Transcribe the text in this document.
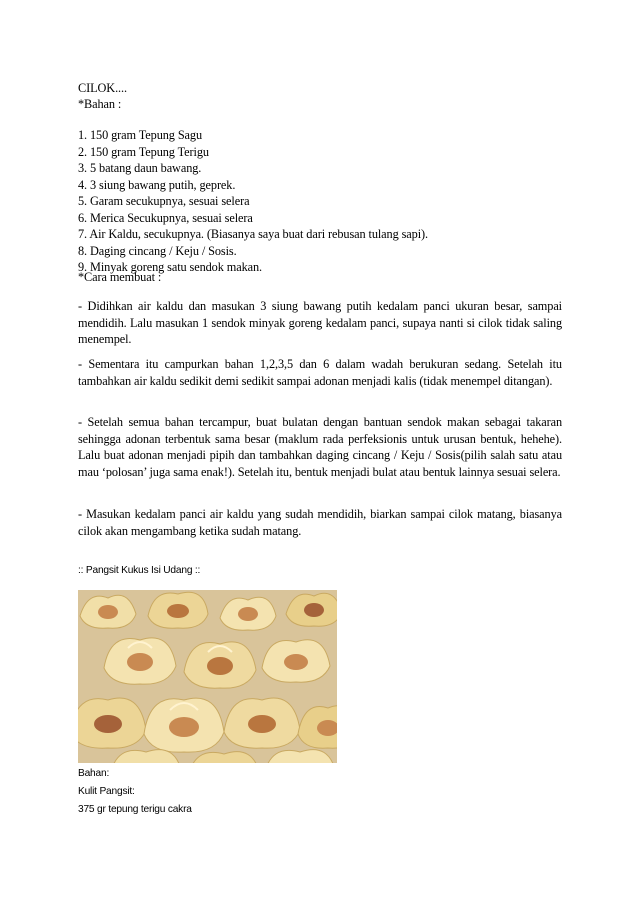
CILOK....

*Bahan :

1. 150 gram Tepung Sagu
2. 150 gram Tepung Terigu
3. 5 batang daun bawang.
4. 3 siung bawang putih, geprek.
5. Garam secukupnya, sesuai selera
6. Merica Secukupnya, sesuai selera
7. Air Kaldu, secukupnya. (Biasanya saya buat dari rebusan tulang sapi).
8. Daging cincang / Keju / Sosis.
9. Minyak goreng satu sendok makan.

*Cara membuat :

- Didihkan air kaldu dan masukan 3 siung bawang putih kedalam panci ukuran besar, sampai mendidih. Lalu masukan 1 sendok minyak goreng kedalam panci, supaya nanti si cilok tidak saling menempel.

- Sementara itu campurkan bahan 1,2,3,5 dan 6 dalam wadah berukuran sedang. Setelah itu tambahkan air kaldu sedikit demi sedikit sampai adonan menjadi kalis (tidak menempel ditangan).

- Setelah semua bahan tercampur, buat bulatan dengan bantuan sendok makan sebagai takaran sehingga adonan terbentuk sama besar (maklum rada perfeksionis untuk urusan bentuk, hehehe). Lalu buat adonan menjadi pipih dan tambahkan daging cincang / Keju / Sosis(pilih salah satu atau mau ‘polosan’ juga sama enak!). Setelah itu, bentuk menjadi bulat atau bentuk lainnya sesuai selera.

- Masukan kedalam panci air kaldu yang sudah mendidih, biarkan sampai cilok matang, biasanya cilok akan mengambang ketika sudah matang.

:: Pangsit Kukus Isi Udang ::

Bahan:

Kulit Pangsit:

375 gr tepung terigu cakra
